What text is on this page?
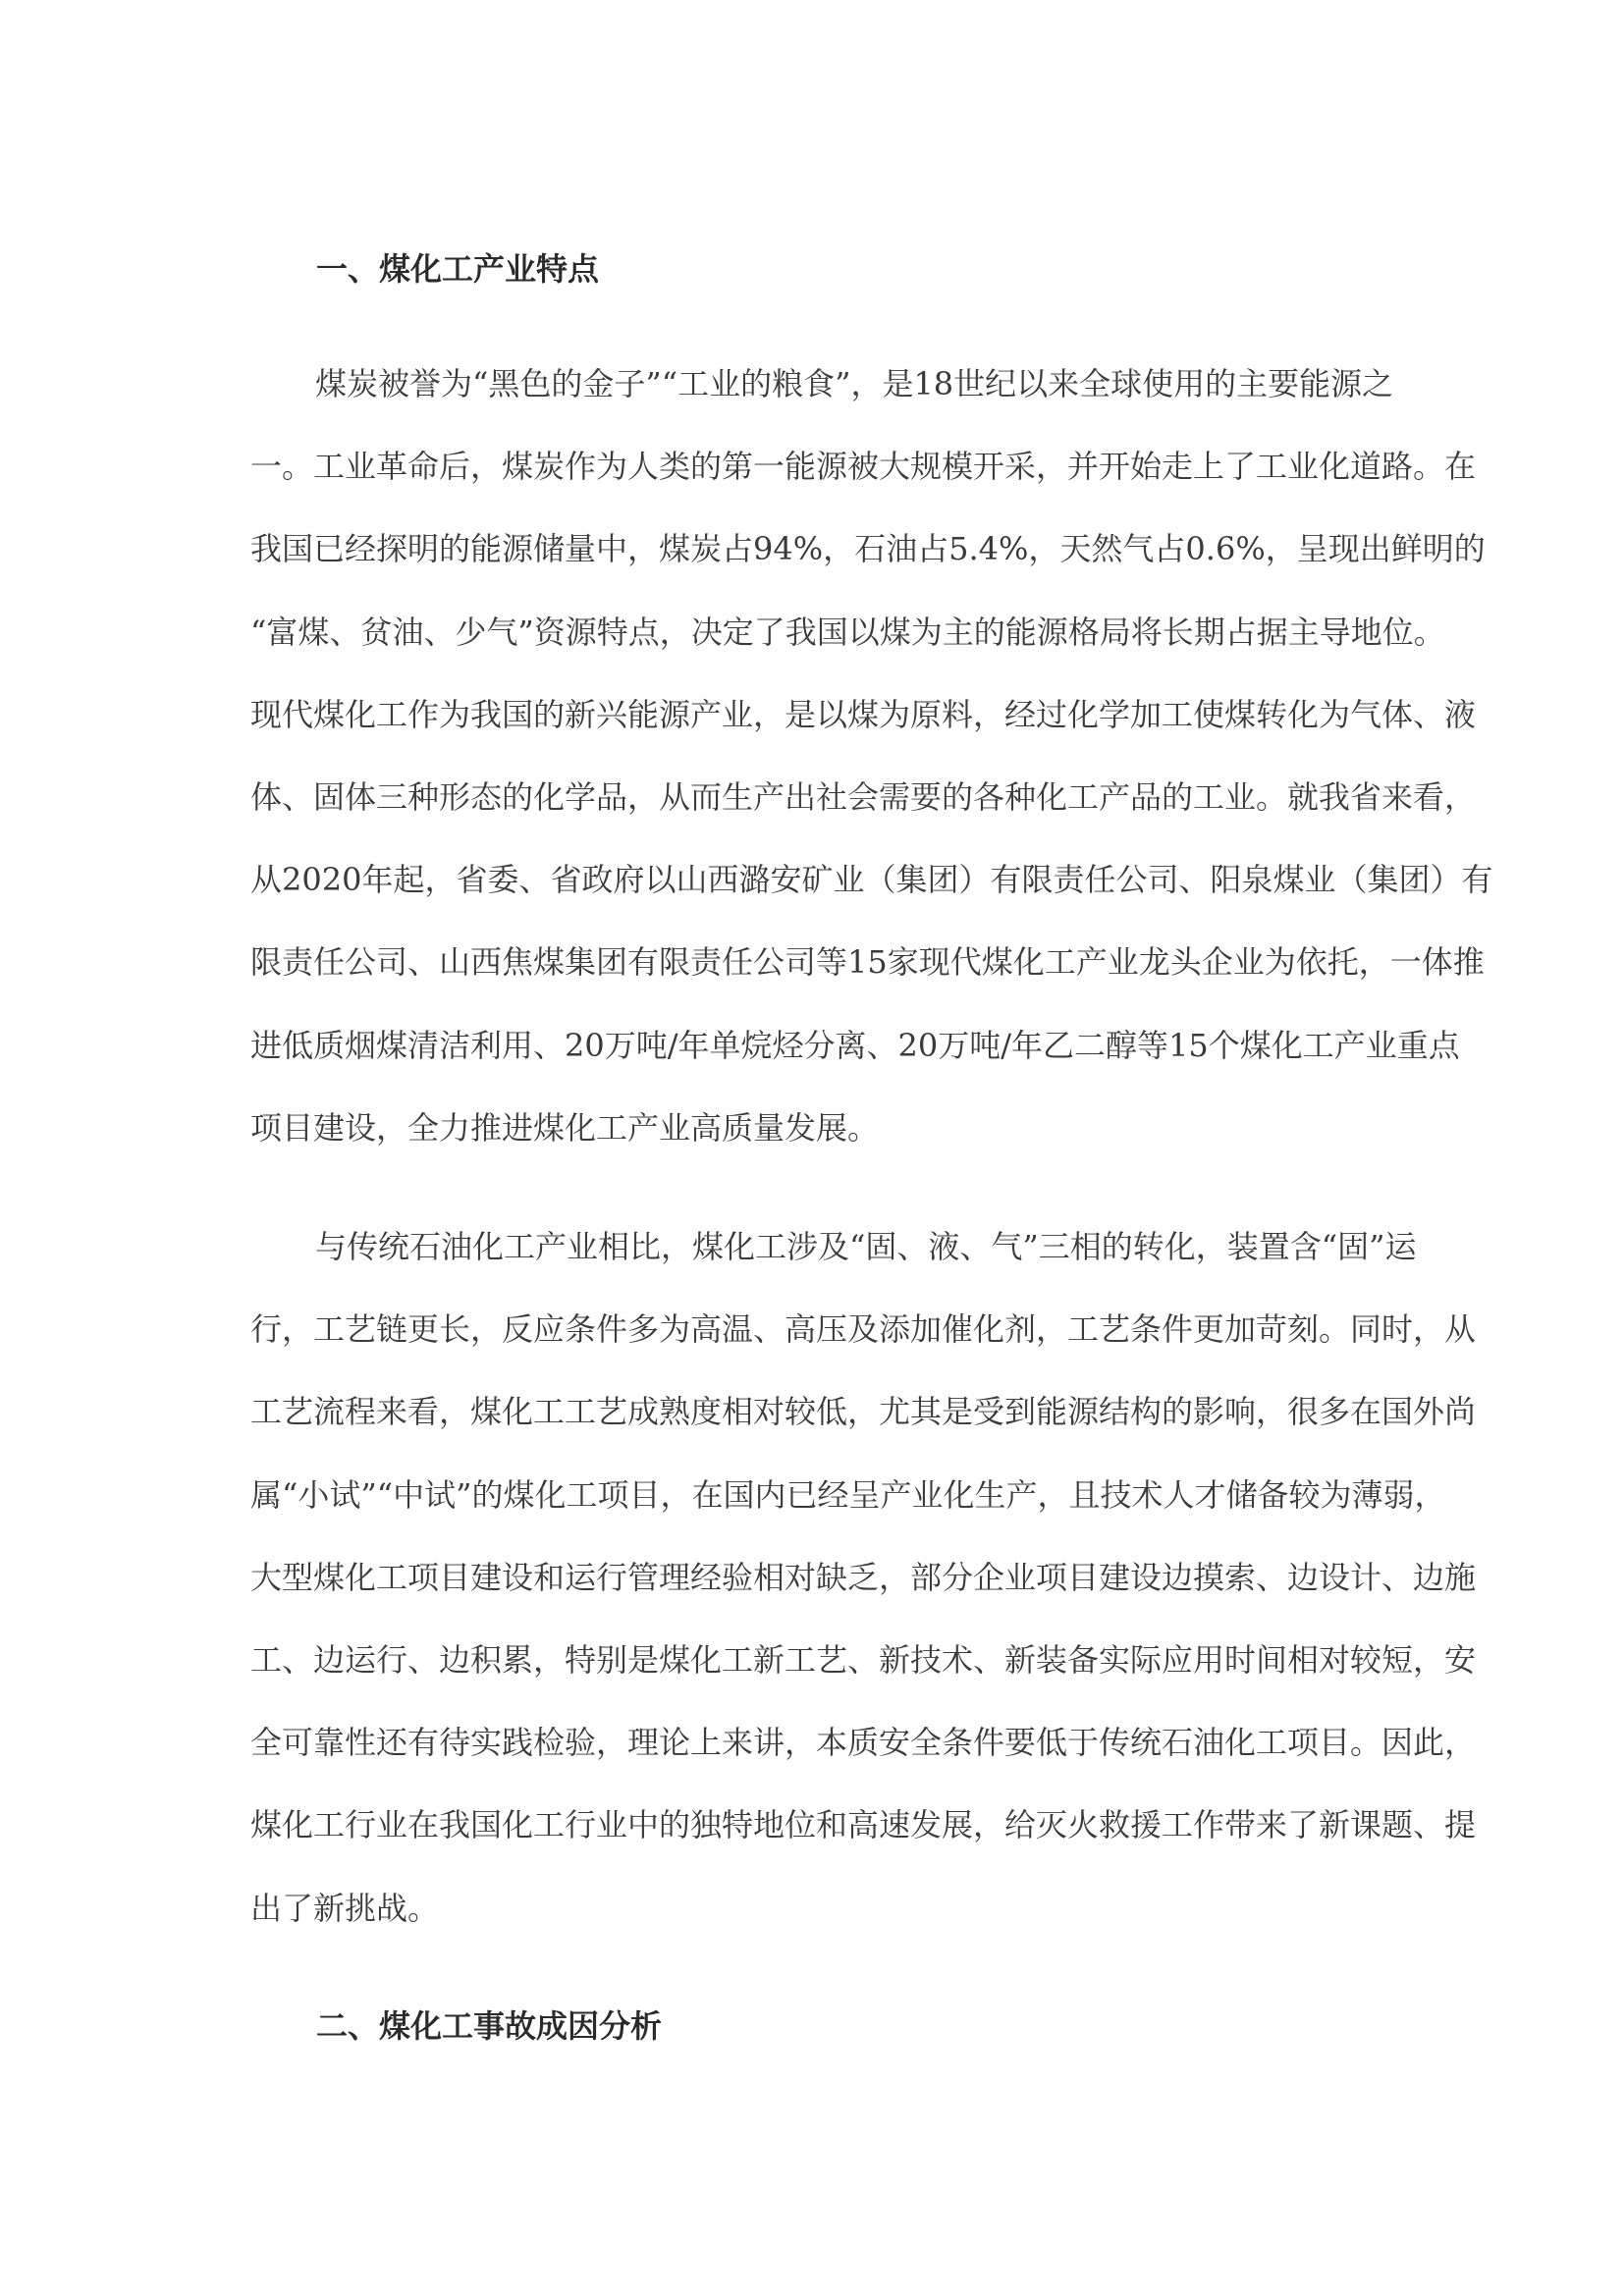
一、煤化工产业特点
煤炭被誉为“黑色的金子”“工业的粮食”，是18世纪以来全球使用的主要能源之
一。工业革命后，煤炭作为人类的第一能源被大规模开采，并开始走上了工业化道路。在
我国已经探明的能源储量中，煤炭占94%，石油占5.4%，天然气占0.6%，呈现出鲜明的
“富煤、贫油、少气”资源特点，决定了我国以煤为主的能源格局将长期占据主导地位。
现代煤化工作为我国的新兴能源产业，是以煤为原料，经过化学加工使煤转化为气体、液
体、固体三种形态的化学品，从而生产出社会需要的各种化工产品的工业。就我省来看，
从2020年起，省委、省政府以山西潞安矿业（集团）有限责任公司、阳泉煤业（集团）有
限责任公司、山西焦煤集团有限责任公司等15家现代煤化工产业龙头企业为依托，一体推
进低质烟煤清洁利用、20万吨/年单烷烃分离、20万吨/年乙二醇等15个煤化工产业重点
项目建设，全力推进煤化工产业高质量发展。
与传统石油化工产业相比，煤化工涉及“固、液、气”三相的转化，装置含“固”运
行，工艺链更长，反应条件多为高温、高压及添加催化剂，工艺条件更加苛刻。同时，从
工艺流程来看，煤化工工艺成熟度相对较低，尤其是受到能源结构的影响，很多在国外尚
属“小试”“中试”的煤化工项目，在国内已经呈产业化生产，且技术人才储备较为薄弱，
大型煤化工项目建设和运行管理经验相对缺乏，部分企业项目建设边摸索、边设计、边施
工、边运行、边积累，特别是煤化工新工艺、新技术、新装备实际应用时间相对较短，安
全可靠性还有待实践检验，理论上来讲，本质安全条件要低于传统石油化工项目。因此，
煤化工行业在我国化工行业中的独特地位和高速发展，给灭火救援工作带来了新课题、提
出了新挑战。
二、煤化工事故成因分析
